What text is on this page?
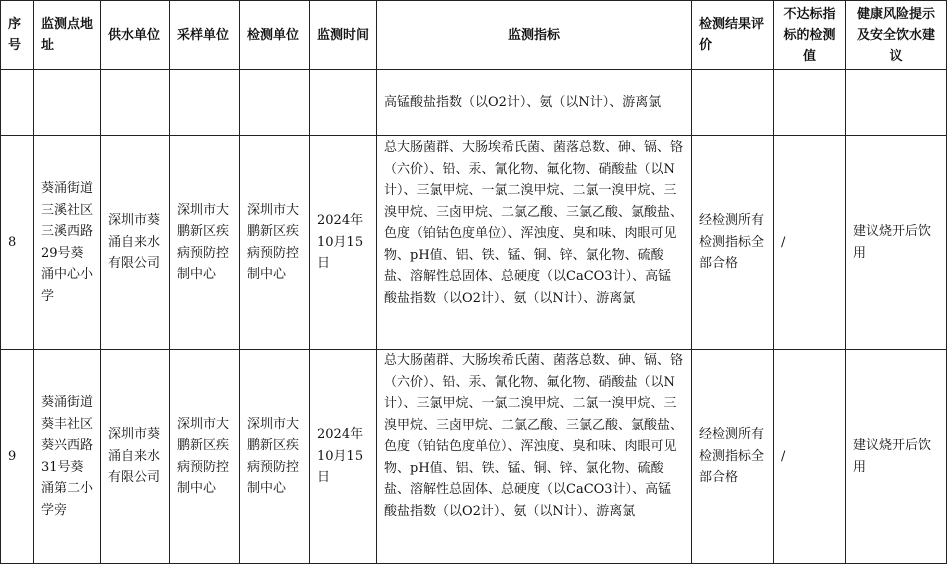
序号	监测点地址	供水单位	采样单位	检测单位	监测时间	监测指标	检测结果评价	不达标指标的检测值	健康风险提示及安全饮水建议
						高锰酸盐指数（以O2计）、氨（以N计）、游离氯			
8	葵涌街道三溪社区三溪西路29号葵涌中心小学	深圳市葵涌自来水有限公司	深圳市大鹏新区疾病预防控制中心	深圳市大鹏新区疾病预防控制中心	2024年10月15日	总大肠菌群、大肠埃希氏菌、菌落总数、砷、镉、铬（六价）、铅、汞、氰化物、氟化物、硝酸盐（以N计）、三氯甲烷、一氯二溴甲烷、二氯一溴甲烷、三溴甲烷、三卤甲烷、二氯乙酸、三氯乙酸、氯酸盐、色度（铂钴色度单位）、浑浊度、臭和味、肉眼可见物、pH值、铝、铁、锰、铜、锌、氯化物、硫酸盐、溶解性总固体、总硬度（以CaCO3计）、高锰酸盐指数（以O2计）、氨（以N计）、游离氯	经检测所有检测指标全部合格	/	建议烧开后饮用
9	葵涌街道葵丰社区葵兴西路31号葵涌第二小学旁	深圳市葵涌自来水有限公司	深圳市大鹏新区疾病预防控制中心	深圳市大鹏新区疾病预防控制中心	2024年10月15日	总大肠菌群、大肠埃希氏菌、菌落总数、砷、镉、铬（六价）、铅、汞、氰化物、氟化物、硝酸盐（以N计）、三氯甲烷、一氯二溴甲烷、二氯一溴甲烷、三溴甲烷、三卤甲烷、二氯乙酸、三氯乙酸、氯酸盐、色度（铂钴色度单位）、浑浊度、臭和味、肉眼可见物、pH值、铝、铁、锰、铜、锌、氯化物、硫酸盐、溶解性总固体、总硬度（以CaCO3计）、高锰酸盐指数（以O2计）、氨（以N计）、游离氯	经检测所有检测指标全部合格	/	建议烧开后饮用
